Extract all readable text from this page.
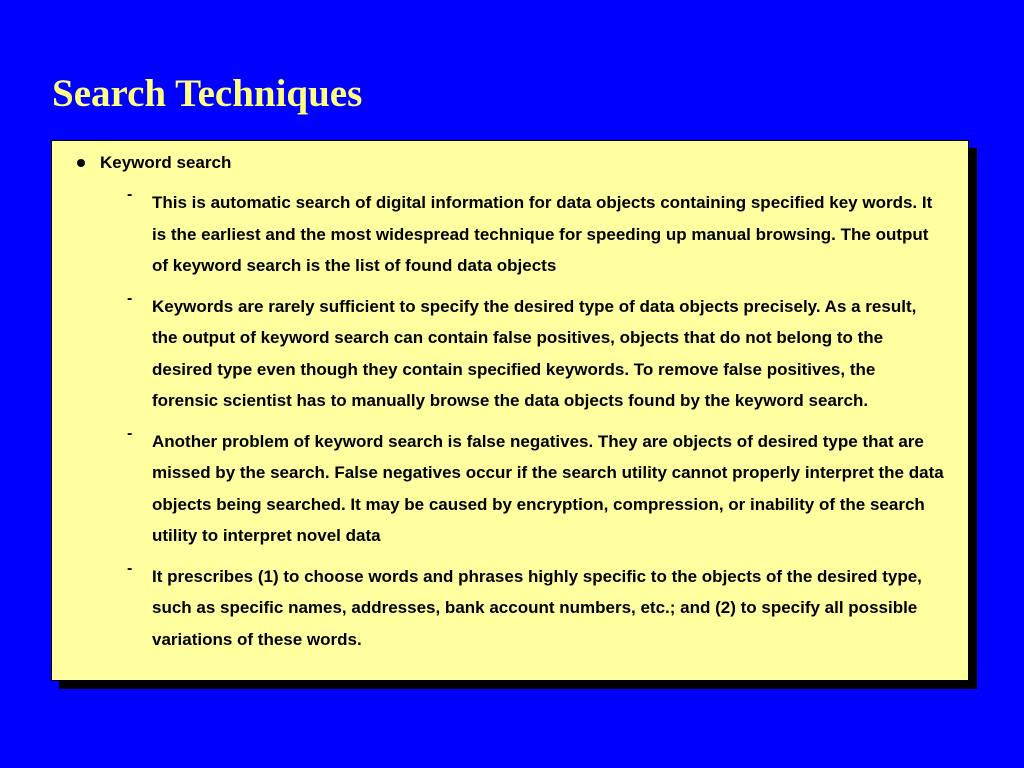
Search Techniques
Keyword search
- This is automatic search of digital information for data objects containing specified key words. It is the earliest and the most widespread technique for speeding up manual browsing. The output of keyword search is the list of found data objects
- Keywords are rarely sufficient to specify the desired type of data objects precisely. As a result, the output of keyword search can contain false positives, objects that do not belong to the desired type even though they contain specified keywords. To remove false positives, the forensic scientist has to manually browse the data objects found by the keyword search.
- Another problem of keyword search is false negatives. They are objects of desired type that are missed by the search. False negatives occur if the search utility cannot properly interpret the data objects being searched. It may be caused by encryption, compression, or inability of the search utility to interpret novel data
- It prescribes (1) to choose words and phrases highly specific to the objects of the desired type, such as specific names, addresses, bank account numbers, etc.; and (2) to specify all possible variations of these words.
